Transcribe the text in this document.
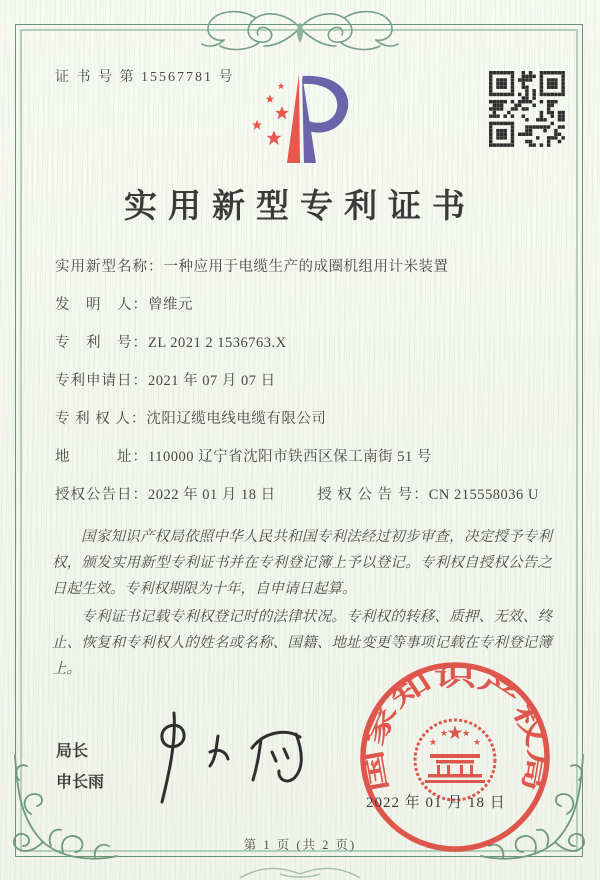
证 书 号 第 15567781 号
实用新型专利证书
实用新型名称：一种应用于电缆生产的成圈机组用计米装置
发　明　人：曾维元
专　利　号：ZL 2021 2 1536763.X
专利申请日：2021 年 07 月 07 日
专 利 权 人：沈阳辽缆电线电缆有限公司
地　　　址：110000 辽宁省沈阳市铁西区保工南街 51 号
授权公告日：2022 年 01 月 18 日	授 权 公 告 号：CN 215558036 U

国家知识产权局依照中华人民共和国专利法经过初步审查，决定授予专利权，颁发实用新型专利证书并在专利登记簿上予以登记。专利权自授权公告之日起生效。专利权期限为十年，自申请日起算。

专利证书记载专利权登记时的法律状况。专利权的转移、质押、无效、终止、恢复和专利权人的姓名或名称、国籍、地址变更等事项记载在专利登记簿上。

局长
申长雨	国家知识产权局
★
★
★ ★
★
2022 年 01 月 18 日
第 1 页 (共 2 页)
